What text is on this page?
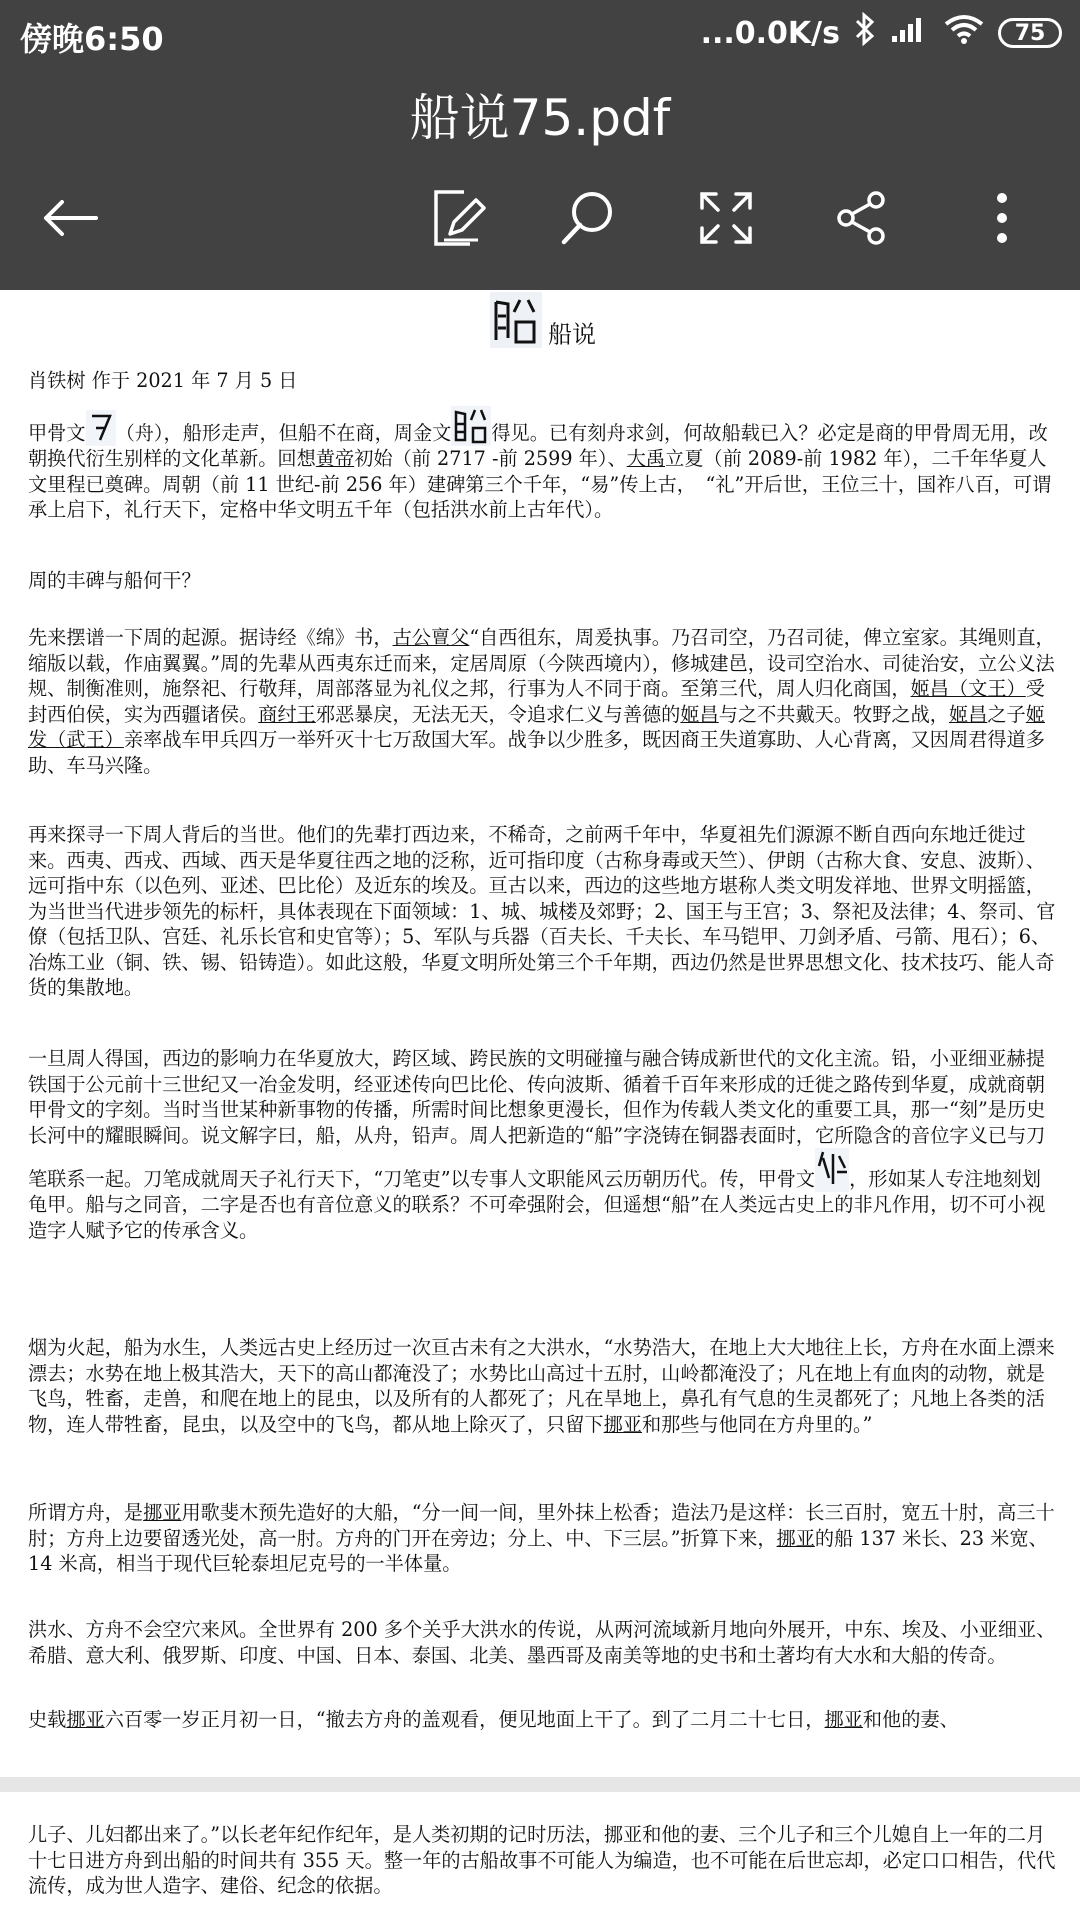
傍晚6:50	...0.0K/s	75
船说75.pdf
船说

肖铁树 作于 2021 年 7 月 5 日

甲骨文 （舟），船形走声，但船不在商，周金文 得见。已有刻舟求剑，何故船载已入？必定是商的甲骨周无用，改朝换代衍生别样的文化革新。回想黄帝初始（前 2717 -前 2599 年）、大禹立夏（前 2089-前 1982 年），二千年华夏人文里程已奠碑。周朝（前 11 世纪-前 256 年）建碑第三个千年，“易”传上古，　“礼”开后世，王位三十，国祚八百，可谓承上启下，礼行天下，定格中华文明五千年（包括洪水前上古年代）。

周的丰碑与船何干？

先来摆谱一下周的起源。据诗经《绵》书，古公亶父“自西徂东，周爰执事。乃召司空，乃召司徒，俾立室家。其绳则直，缩版以载，作庙翼翼。”周的先辈从西夷东迁而来，定居周原（今陕西境内），修城建邑，设司空治水、司徒治安，立公义法规、制衡准则，施祭祀、行敬拜，周部落显为礼仪之邦，行事为人不同于商。至第三代，周人归化商国，姬昌（文王）受封西伯侯，实为西疆诸侯。商纣王邪恶暴戾，无法无天，令追求仁义与善德的姬昌与之不共戴天。牧野之战，姬昌之子姬发（武王）亲率战车甲兵四万一举歼灭十七万敌国大军。战争以少胜多，既因商王失道寡助、人心背离，又因周君得道多助、车马兴隆。

再来探寻一下周人背后的当世。他们的先辈打西边来，不稀奇，之前两千年中，华夏祖先们源源不断自西向东地迁徙过来。西夷、西戎、西域、西天是华夏往西之地的泛称，近可指印度（古称身毒或天竺）、伊朗（古称大食、安息、波斯）、远可指中东（以色列、亚述、巴比伦）及近东的埃及。亘古以来，西边的这些地方堪称人类文明发祥地、世界文明摇篮，为当世当代进步领先的标杆，具体表现在下面领域：1、城、城楼及郊野；2、国王与王宫；3、祭祀及法律；4、祭司、官僚（包括卫队、宫廷、礼乐长官和史官等）；5、军队与兵器（百夫长、千夫长、车马铠甲、刀剑矛盾、弓箭、甩石）；6、冶炼工业（铜、铁、锡、铅铸造）。如此这般，华夏文明所处第三个千年期，西边仍然是世界思想文化、技术技巧、能人奇货的集散地。

一旦周人得国，西边的影响力在华夏放大，跨区域、跨民族的文明碰撞与融合铸成新世代的文化主流。铅，小亚细亚赫提铁国于公元前十三世纪又一冶金发明，经亚述传向巴比伦、传向波斯、循着千百年来形成的迁徙之路传到华夏，成就商朝甲骨文的字刻。当时当世某种新事物的传播，所需时间比想象更漫长，但作为传载人类文化的重要工具，那一“刻”是历史长河中的耀眼瞬间。说文解字曰，船，从舟，铅声。周人把新造的“船”字浇铸在铜器表面时，它所隐含的音位字义已与刀笔联系一起。刀笔成就周天子礼行天下，“刀笔吏”以专事人文职能风云历朝历代。传，甲骨文 ，形如某人专注地刻划龟甲。船与之同音，二字是否也有音位意义的联系？不可牵强附会，但遥想“船”在人类远古史上的非凡作用，切不可小视造字人赋予它的传承含义。

烟为火起，船为水生，人类远古史上经历过一次亘古未有之大洪水，“水势浩大，在地上大大地往上长，方舟在水面上漂来漂去；水势在地上极其浩大，天下的高山都淹没了；水势比山高过十五肘，山岭都淹没了；凡在地上有血肉的动物，就是飞鸟，牲畜，走兽，和爬在地上的昆虫，以及所有的人都死了；凡在旱地上，鼻孔有气息的生灵都死了；凡地上各类的活物，连人带牲畜，昆虫，以及空中的飞鸟，都从地上除灭了，只留下挪亚和那些与他同在方舟里的。”

所谓方舟，是挪亚用歌斐木预先造好的大船，“分一间一间，里外抹上松香；造法乃是这样：长三百肘，宽五十肘，高三十肘；方舟上边要留透光处，高一肘。方舟的门开在旁边；分上、中、下三层。”折算下来，挪亚的船 137 米长、23 米宽、14 米高，相当于现代巨轮泰坦尼克号的一半体量。

洪水、方舟不会空穴来风。全世界有 200 多个关乎大洪水的传说，从两河流域新月地向外展开，中东、埃及、小亚细亚、希腊、意大利、俄罗斯、印度、中国、日本、泰国、北美、墨西哥及南美等地的史书和土著均有大水和大船的传奇。

史载挪亚六百零一岁正月初一日，“撤去方舟的盖观看，便见地面上干了。到了二月二十七日，挪亚和他的妻、

儿子、儿妇都出来了。”以长老年纪作纪年，是人类初期的记时历法，挪亚和他的妻、三个儿子和三个儿媳自上一年的二月十七日进方舟到出船的时间共有 355 天。整一年的古船故事不可能人为编造，也不可能在后世忘却，必定口口相告，代代流传，成为世人造字、建俗、纪念的依据。
